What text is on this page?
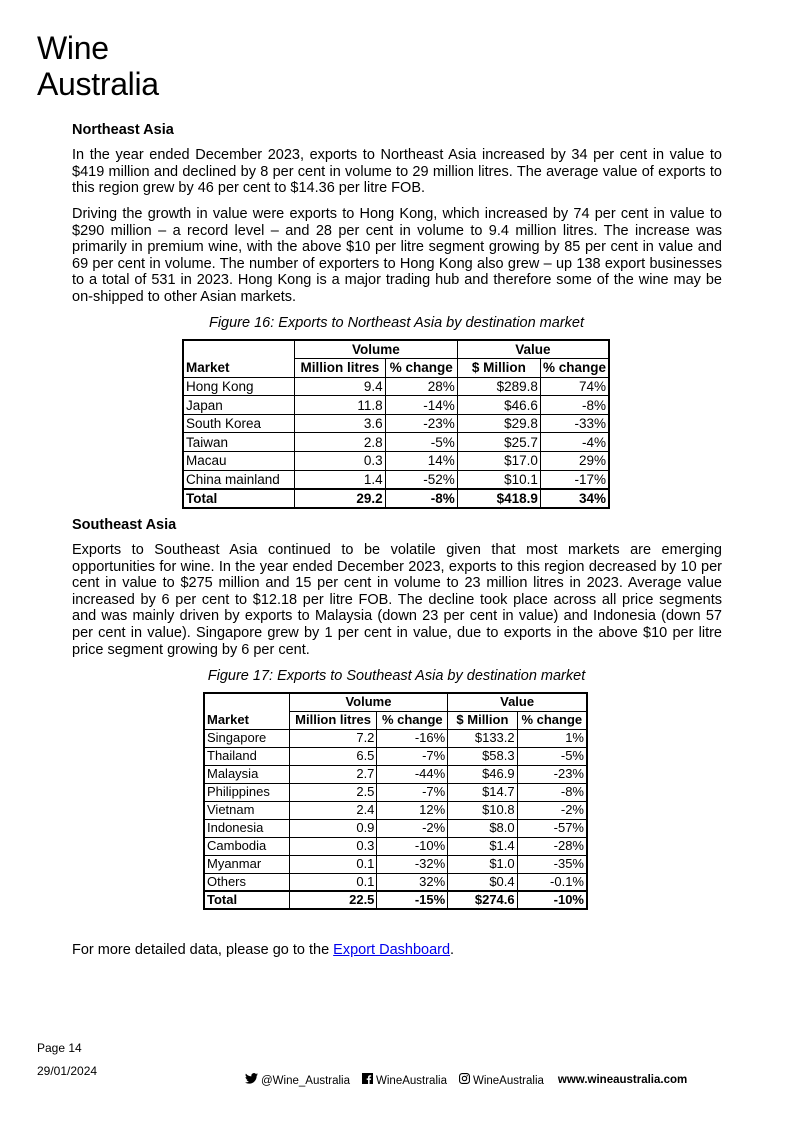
Wine
Australia
Northeast Asia
In the year ended December 2023, exports to Northeast Asia increased by 34 per cent in value to $419 million and declined by 8 per cent in volume to 29 million litres. The average value of exports to this region grew by 46 per cent to $14.36 per litre FOB.
Driving the growth in value were exports to Hong Kong, which increased by 74 per cent in value to $290 million – a record level – and 28 per cent in volume to 9.4 million litres. The increase was primarily in premium wine, with the above $10 per litre segment growing by 85 per cent in value and 69 per cent in volume. The number of exporters to Hong Kong also grew – up 138 export businesses to a total of 531 in 2023. Hong Kong is a major trading hub and therefore some of the wine may be on-shipped to other Asian markets.
Figure 16: Exports to Northeast Asia by destination market
	Volume		Value	
Market	Million litres	% change	$ Million	% change
Hong Kong	9.4	28%	$289.8	74%
Japan	11.8	-14%	$46.6	-8%
South Korea	3.6	-23%	$29.8	-33%
Taiwan	2.8	-5%	$25.7	-4%
Macau	0.3	14%	$17.0	29%
China mainland	1.4	-52%	$10.1	-17%
Total	29.2	-8%	$418.9	34%
Southeast Asia
Exports to Southeast Asia continued to be volatile given that most markets are emerging opportunities for wine. In the year ended December 2023, exports to this region decreased by 10 per cent in value to $275 million and 15 per cent in volume to 23 million litres in 2023. Average value increased by 6 per cent to $12.18 per litre FOB. The decline took place across all price segments and was mainly driven by exports to Malaysia (down 23 per cent in value) and Indonesia (down 57 per cent in value). Singapore grew by 1 per cent in value, due to exports in the above $10 per litre price segment growing by 6 per cent.
Figure 17: Exports to Southeast Asia by destination market
	Volume		Value	
Market	Million litres	% change	$ Million	% change
Singapore	7.2	-16%	$133.2	1%
Thailand	6.5	-7%	$58.3	-5%
Malaysia	2.7	-44%	$46.9	-23%
Philippines	2.5	-7%	$14.7	-8%
Vietnam	2.4	12%	$10.8	-2%
Indonesia	0.9	-2%	$8.0	-57%
Cambodia	0.3	-10%	$1.4	-28%
Myanmar	0.1	-32%	$1.0	-35%
Others	0.1	32%	$0.4	-0.1%
Total	22.5	-15%	$274.6	-10%
For more detailed data, please go to the Export Dashboard.
Page 14
29/01/2024
@Wine_Australia	WineAustralia	WineAustralia www.wineaustralia.com
